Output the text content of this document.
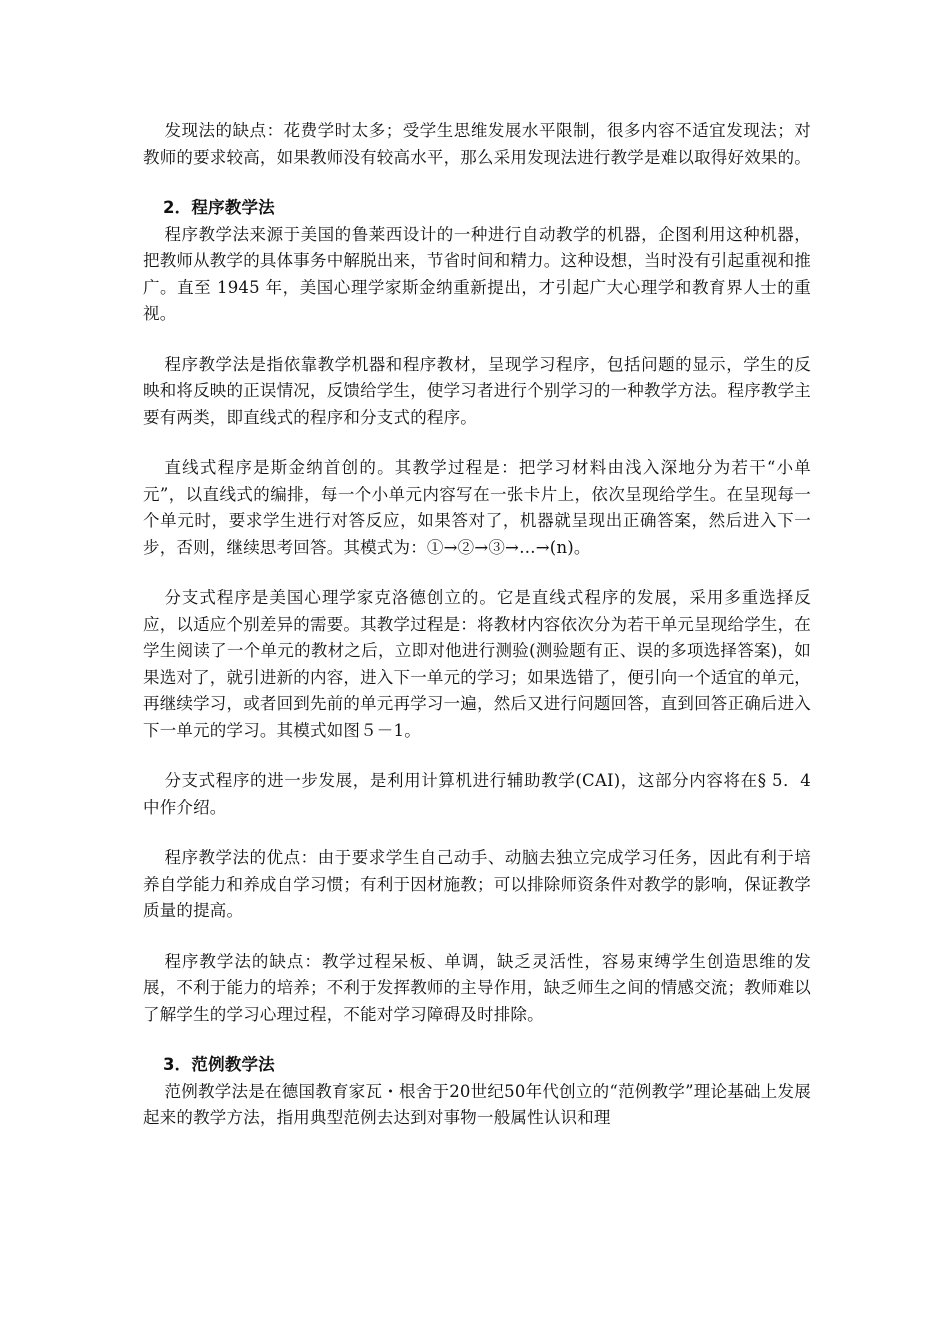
发现法的缺点：花费学时太多；受学生思维发展水平限制，很多内容不适宜发现法；对教师的要求较高，如果教师没有较高水平，那么采用发现法进行教学是难以取得好效果的。

2．程序教学法

程序教学法来源于美国的鲁莱西设计的一种进行自动教学的机器，企图利用这种机器，把教师从教学的具体事务中解脱出来，节省时间和精力。这种设想，当时没有引起重视和推广。直至 1945 年，美国心理学家斯金纳重新提出，才引起广大心理学和教育界人士的重视。

程序教学法是指依靠教学机器和程序教材，呈现学习程序，包括问题的显示，学生的反映和将反映的正误情况，反馈给学生，使学习者进行个别学习的一种教学方法。程序教学主要有两类，即直线式的程序和分支式的程序。

直线式程序是斯金纳首创的。其教学过程是：把学习材料由浅入深地分为若干“小单元”，以直线式的编排，每一个小单元内容写在一张卡片上，依次呈现给学生。在呈现每一个单元时，要求学生进行对答反应，如果答对了，机器就呈现出正确答案，然后进入下一步，否则，继续思考回答。其模式为：①→②→③→…→(n)。

分支式程序是美国心理学家克洛德创立的。它是直线式程序的发展，采用多重选择反应，以适应个别差异的需要。其教学过程是：将教材内容依次分为若干单元呈现给学生，在学生阅读了一个单元的教材之后，立即对他进行测验(测验题有正、误的多项选择答案)，如果选对了，就引进新的内容，进入下一单元的学习；如果选错了，便引向一个适宜的单元，再继续学习，或者回到先前的单元再学习一遍，然后又进行问题回答，直到回答正确后进入下一单元的学习。其模式如图５－1。

分支式程序的进一步发展，是利用计算机进行辅助教学(CAI)，这部分内容将在§ 5．4中作介绍。

程序教学法的优点：由于要求学生自己动手、动脑去独立完成学习任务，因此有利于培养自学能力和养成自学习惯；有利于因材施教；可以排除师资条件对教学的影响，保证教学质量的提高。

程序教学法的缺点：教学过程呆板、单调，缺乏灵活性，容易束缚学生创造思维的发展，不利于能力的培养；不利于发挥教师的主导作用，缺乏师生之间的情感交流；教师难以了解学生的学习心理过程，不能对学习障碍及时排除。

3．范例教学法

范例教学法是在德国教育家瓦・根舍于20世纪50年代创立的“范例教学”理论基础上发展起来的教学方法，指用典型范例去达到对事物一般属性认识和理
